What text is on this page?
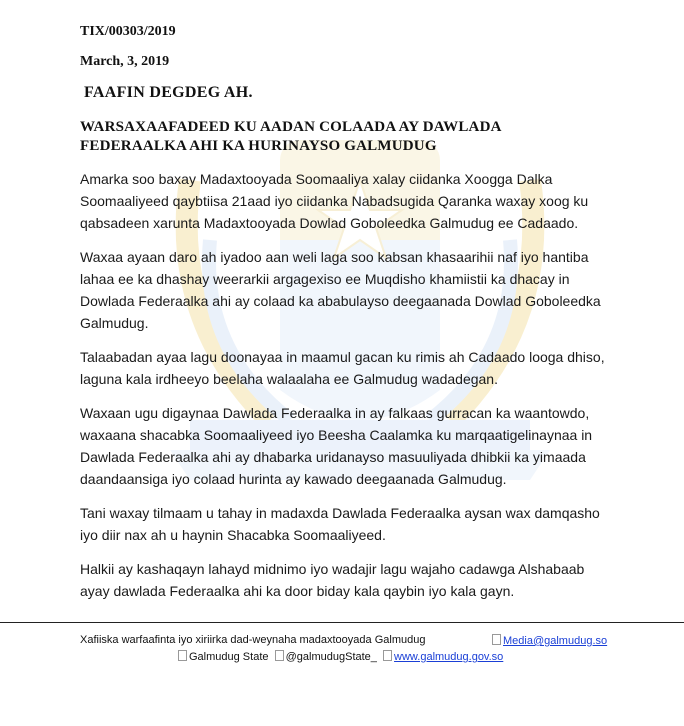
TIX/00303/2019
March, 3, 2019
FAAFIN DEGDEG AH.
WARSAXAAFADEED KU AADAN COLAADA AY DAWLADA FEDERAALKA AHI KA HURINAYSO GALMUDUG

Amarka soo baxay Madaxtooyada Soomaaliya xalay ciidanka Xoogga Dalka Soomaaliyeed qaybtiisa 21aad iyo ciidanka Nabadsugida Qaranka waxay xoog ku qabsadeen xarunta Madaxtooyada Dowlad Goboleedka Galmudug ee Cadaado.

Waxaa ayaan daro ah iyadoo aan weli laga soo kabsan khasaarihii naf iyo hantiba lahaa ee ka dhashay weerarkii argagexiso ee Muqdisho khamiistii ka dhacay in Dowlada Federaalka ahi ay colaad ka ababulayso deegaanada Dowlad Goboleedka Galmudug.

Talaabadan ayaa lagu doonayaa in maamul gacan ku rimis ah Cadaado looga dhiso, laguna kala irdheeyo beelaha walaalaha ee Galmudug wadadegan.

Waxaan ugu digaynaa Dawlada Federaalka in ay falkaas gurracan ka waantowdo, waxaana shacabka Soomaaliyeed iyo Beesha Caalamka ku marqaatigelinaynaa in Dawlada Federaalka ahi ay dhabarka uridanayso masuuliyada dhibkii ka yimaada daandaansiga iyo colaad hurinta ay kawado deegaanada Galmudug.

Tani waxay tilmaam u tahay in madaxda Dawlada Federaalka aysan wax damqasho iyo diir nax ah u haynin Shacabka Soomaaliyeed.

Halkii ay kashaqayn lahayd midnimo iyo wadajir lagu wajaho cadawga Alshabaab ayay dawlada Federaalka ahi ka door biday kala qaybin iyo kala gayn.

Xafiiska warfaafinta iyo xiriirka dad-weynaha madaxtooyada Galmudug	Media@galmudug.so
Galmudug State @galmudugState_ www.galmudug.gov.so
